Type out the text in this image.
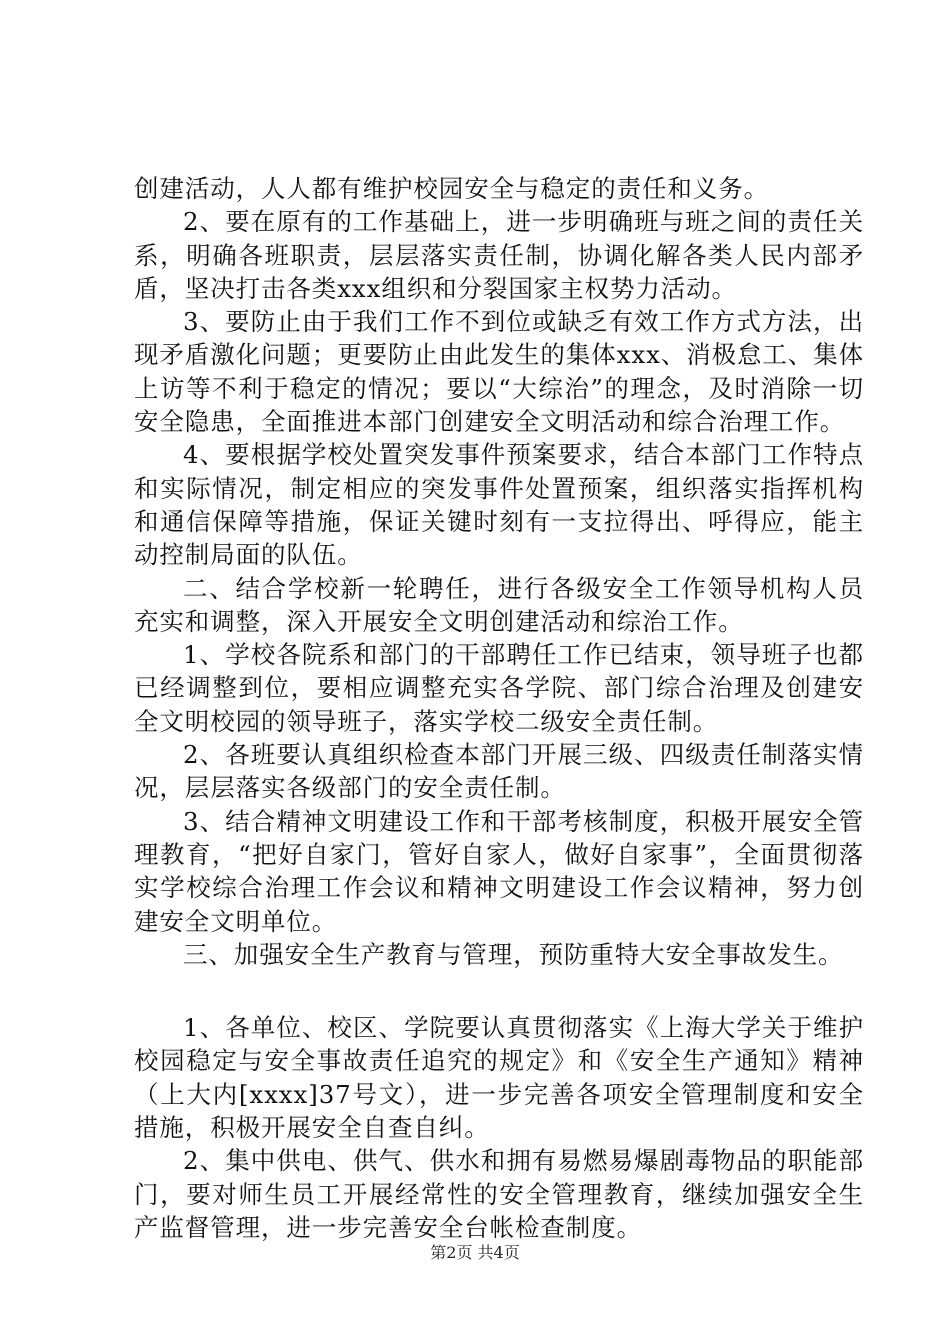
创建活动，人人都有维护校园安全与稳定的责任和义务。

2、要在原有的工作基础上，进一步明确班与班之间的责任关系，明确各班职责，层层落实责任制，协调化解各类人民内部矛盾，坚决打击各类xxx组织和分裂国家主权势力活动。

3、要防止由于我们工作不到位或缺乏有效工作方式方法，出现矛盾激化问题；更要防止由此发生的集体xxx、消极怠工、集体上访等不利于稳定的情况；要以“大综治”的理念，及时消除一切安全隐患，全面推进本部门创建安全文明活动和综合治理工作。

4、要根据学校处置突发事件预案要求，结合本部门工作特点和实际情况，制定相应的突发事件处置预案，组织落实指挥机构和通信保障等措施，保证关键时刻有一支拉得出、呼得应，能主动控制局面的队伍。

二、结合学校新一轮聘任，进行各级安全工作领导机构人员充实和调整，深入开展安全文明创建活动和综治工作。

1、学校各院系和部门的干部聘任工作已结束，领导班子也都已经调整到位，要相应调整充实各学院、部门综合治理及创建安全文明校园的领导班子，落实学校二级安全责任制。

2、各班要认真组织检查本部门开展三级、四级责任制落实情况，层层落实各级部门的安全责任制。

3、结合精神文明建设工作和干部考核制度，积极开展安全管理教育，“把好自家门，管好自家人，做好自家事”，全面贯彻落实学校综合治理工作会议和精神文明建设工作会议精神，努力创建安全文明单位。

三、加强安全生产教育与管理，预防重特大安全事故发生。

1、各单位、校区、学院要认真贯彻落实《上海大学关于维护校园稳定与安全事故责任追究的规定》和《安全生产通知》精神（上大内[xxxx]37号文），进一步完善各项安全管理制度和安全措施，积极开展安全自查自纠。

2、集中供电、供气、供水和拥有易燃易爆剧毒物品的职能部门，要对师生员工开展经常性的安全管理教育，继续加强安全生产监督管理，进一步完善安全台帐检查制度。

第2页 共4页
